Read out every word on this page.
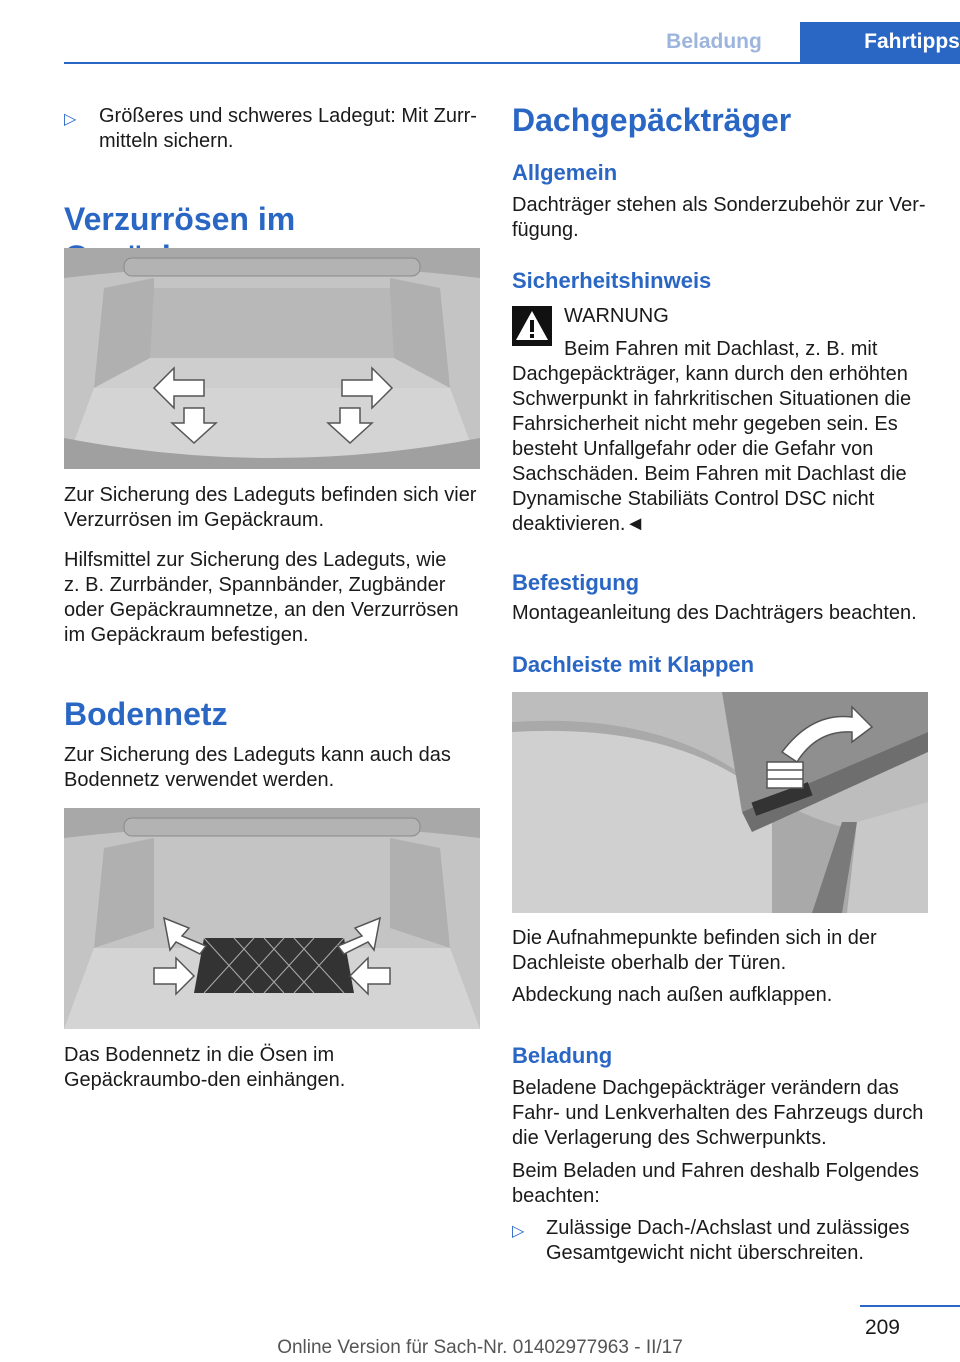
Beladung	Fahrtipps
▷ Größeres und schweres Ladegut: Mit Zurr-
mitteln sichern.

Verzurrösen im

Zur Sicherung des Ladeguts befinden sich vier Verzurrösen im Gepäckraum.

Hilfsmittel zur Sicherung des Ladeguts, wie z. B. Zurrbänder, Spannbänder, Zugbänder oder Gepäckraumnetze, an den Verzurrösen im Gepäckraum befestigen.

Bodennetz

Zur Sicherung des Ladeguts kann auch das Bodennetz verwendet werden.

Das Bodennetz in die Ösen im Gepäckraumbo-den einhängen.

Dachgepäckträger
Allgemein

Dachträger stehen als Sonderzubehör zur Ver-fügung.

Sicherheitshinweis

WARNUNG

Beim Fahren mit Dachlast, z. B. mit

Dachgepäckträger, kann durch den erhöhten Schwerpunkt in fahrkritischen Situationen die Fahrsicherheit nicht mehr gegeben sein. Es besteht Unfallgefahr oder die Gefahr von Sachschäden. Beim Fahren mit Dachlast die Dynamische Stabiliäts Control DSC nicht deaktivieren.◄

Befestigung

Montageanleitung des Dachträgers beachten.

Dachleiste mit Klappen

Die Aufnahmepunkte befinden sich in der Dachleiste oberhalb der Türen.

Abdeckung nach außen aufklappen.

Beladung

Beladene Dachgepäckträger verändern das Fahr- und Lenkverhalten des Fahrzeugs durch die Verlagerung des Schwerpunkts.

Beim Beladen und Fahren deshalb Folgendes beachten:

▷ Zulässige Dach-/Achslast und zulässiges Gesamtgewicht nicht überschreiten.

209
Online Version für Sach-Nr. 01402977963 - II/17
